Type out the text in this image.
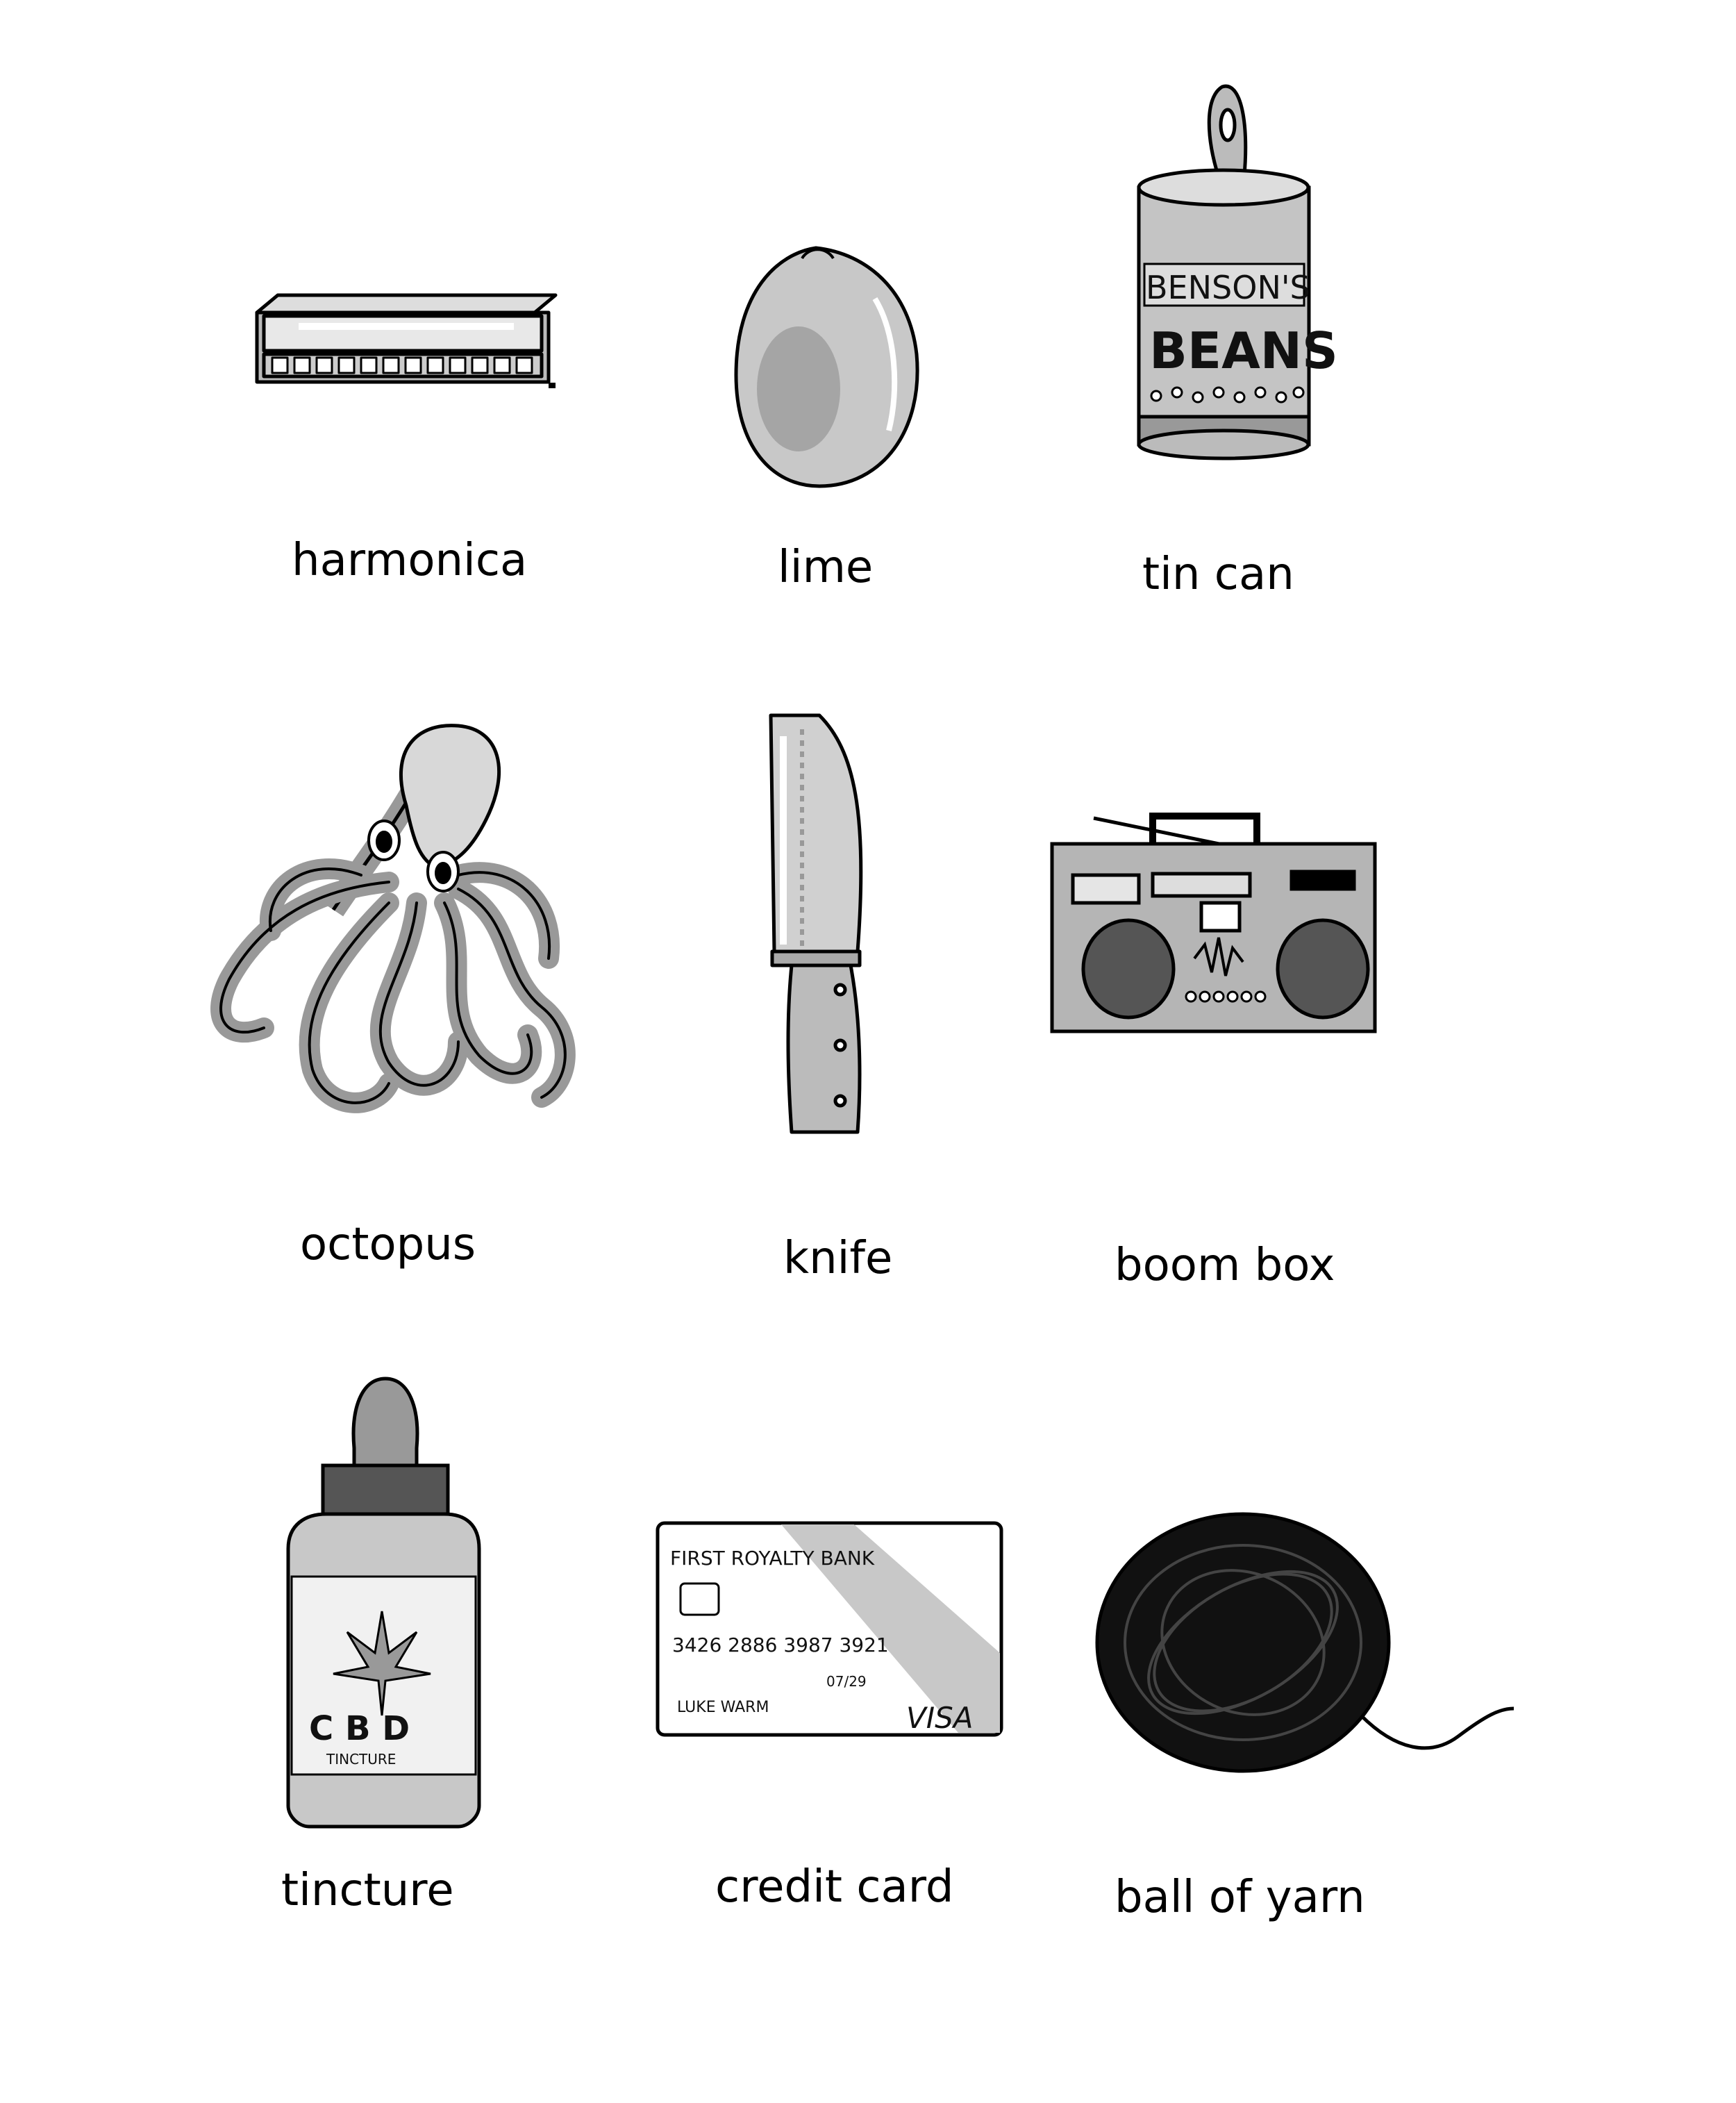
harmonica	lime
BENSON'S
BEANS
tin can
octopus	knife	boom box
C B D
TINCTURE
tincture
FIRST ROYALTY BANK
3426 2886 3987 3921
07/29
LUKE WARM	VISA
credit card	ball of yarn
